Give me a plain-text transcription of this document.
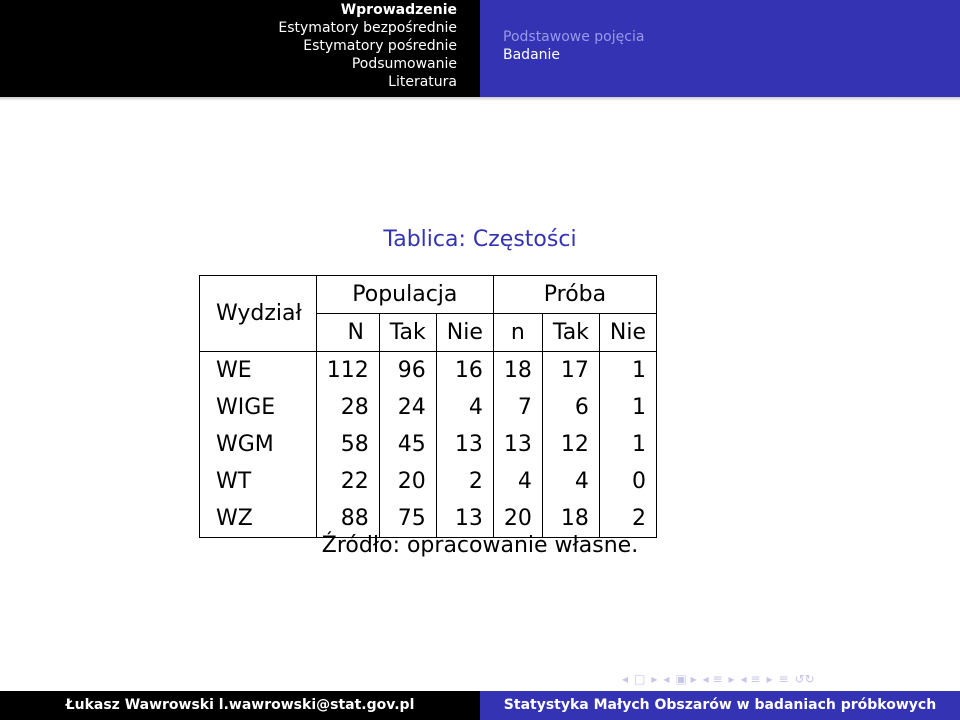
Wprowadzenie
Estymatory bezpośrednie
Estymatory pośrednie
Podsumowanie
Literatura
Podstawowe pojęcia
Badanie
Tablica: Częstości
Wydział	Populacja			Próba		
	N	Tak	Nie	n	Tak	Nie
WE	112	96	16	18	17	1
WIGE	28	24	4	7	6	1
WGM	58	45	13	13	12	1
WT	22	20	2	4	4	0
WZ	88	75	13	20	18	2
Źródło: opracowanie własne.
◂ □ ▸ ◂ ▣ ▸ ◂ ≡ ▸ ◂ ≡ ▸ ≡ ↺↻
Łukasz Wawrowski l.wawrowski@stat.gov.pl	Statystyka Małych Obszarów w badaniach próbkowych
